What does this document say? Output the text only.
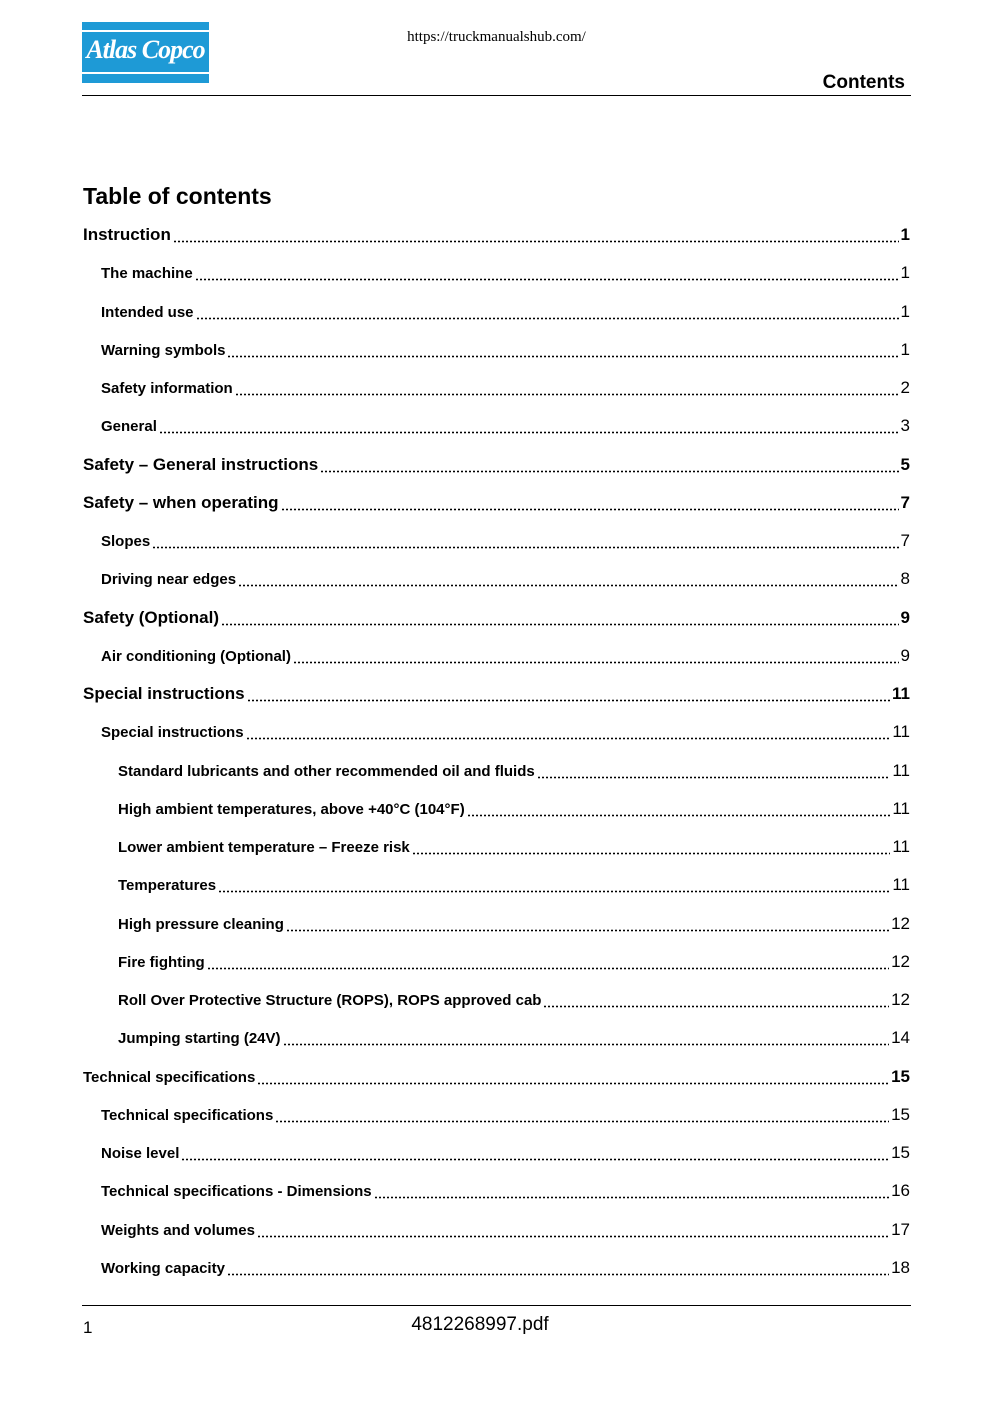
Atlas Copco	https://truckmanualshub.com/
Contents
Table of contents
Instruction	1
The machine	1
Intended use	1
Warning symbols	1
Safety information	2
General	3
Safety – General instructions	5
Safety – when operating	7
Slopes	7
Driving near edges	8
Safety (Optional)	9
Air conditioning (Optional)	9
Special instructions	11
Special instructions	11
Standard lubricants and other recommended oil and fluids	11
High ambient temperatures, above +40°C (104°F)	11
Lower ambient temperature – Freeze risk	11
Temperatures	11
High pressure cleaning	12
Fire fighting	12
Roll Over Protective Structure (ROPS), ROPS approved cab	12
Jumping starting (24V)	14
Technical specifications	15
Technical specifications	15
Noise level	15
Technical specifications - Dimensions	16
Weights and volumes	17
Working capacity	18
1	4812268997.pdf
